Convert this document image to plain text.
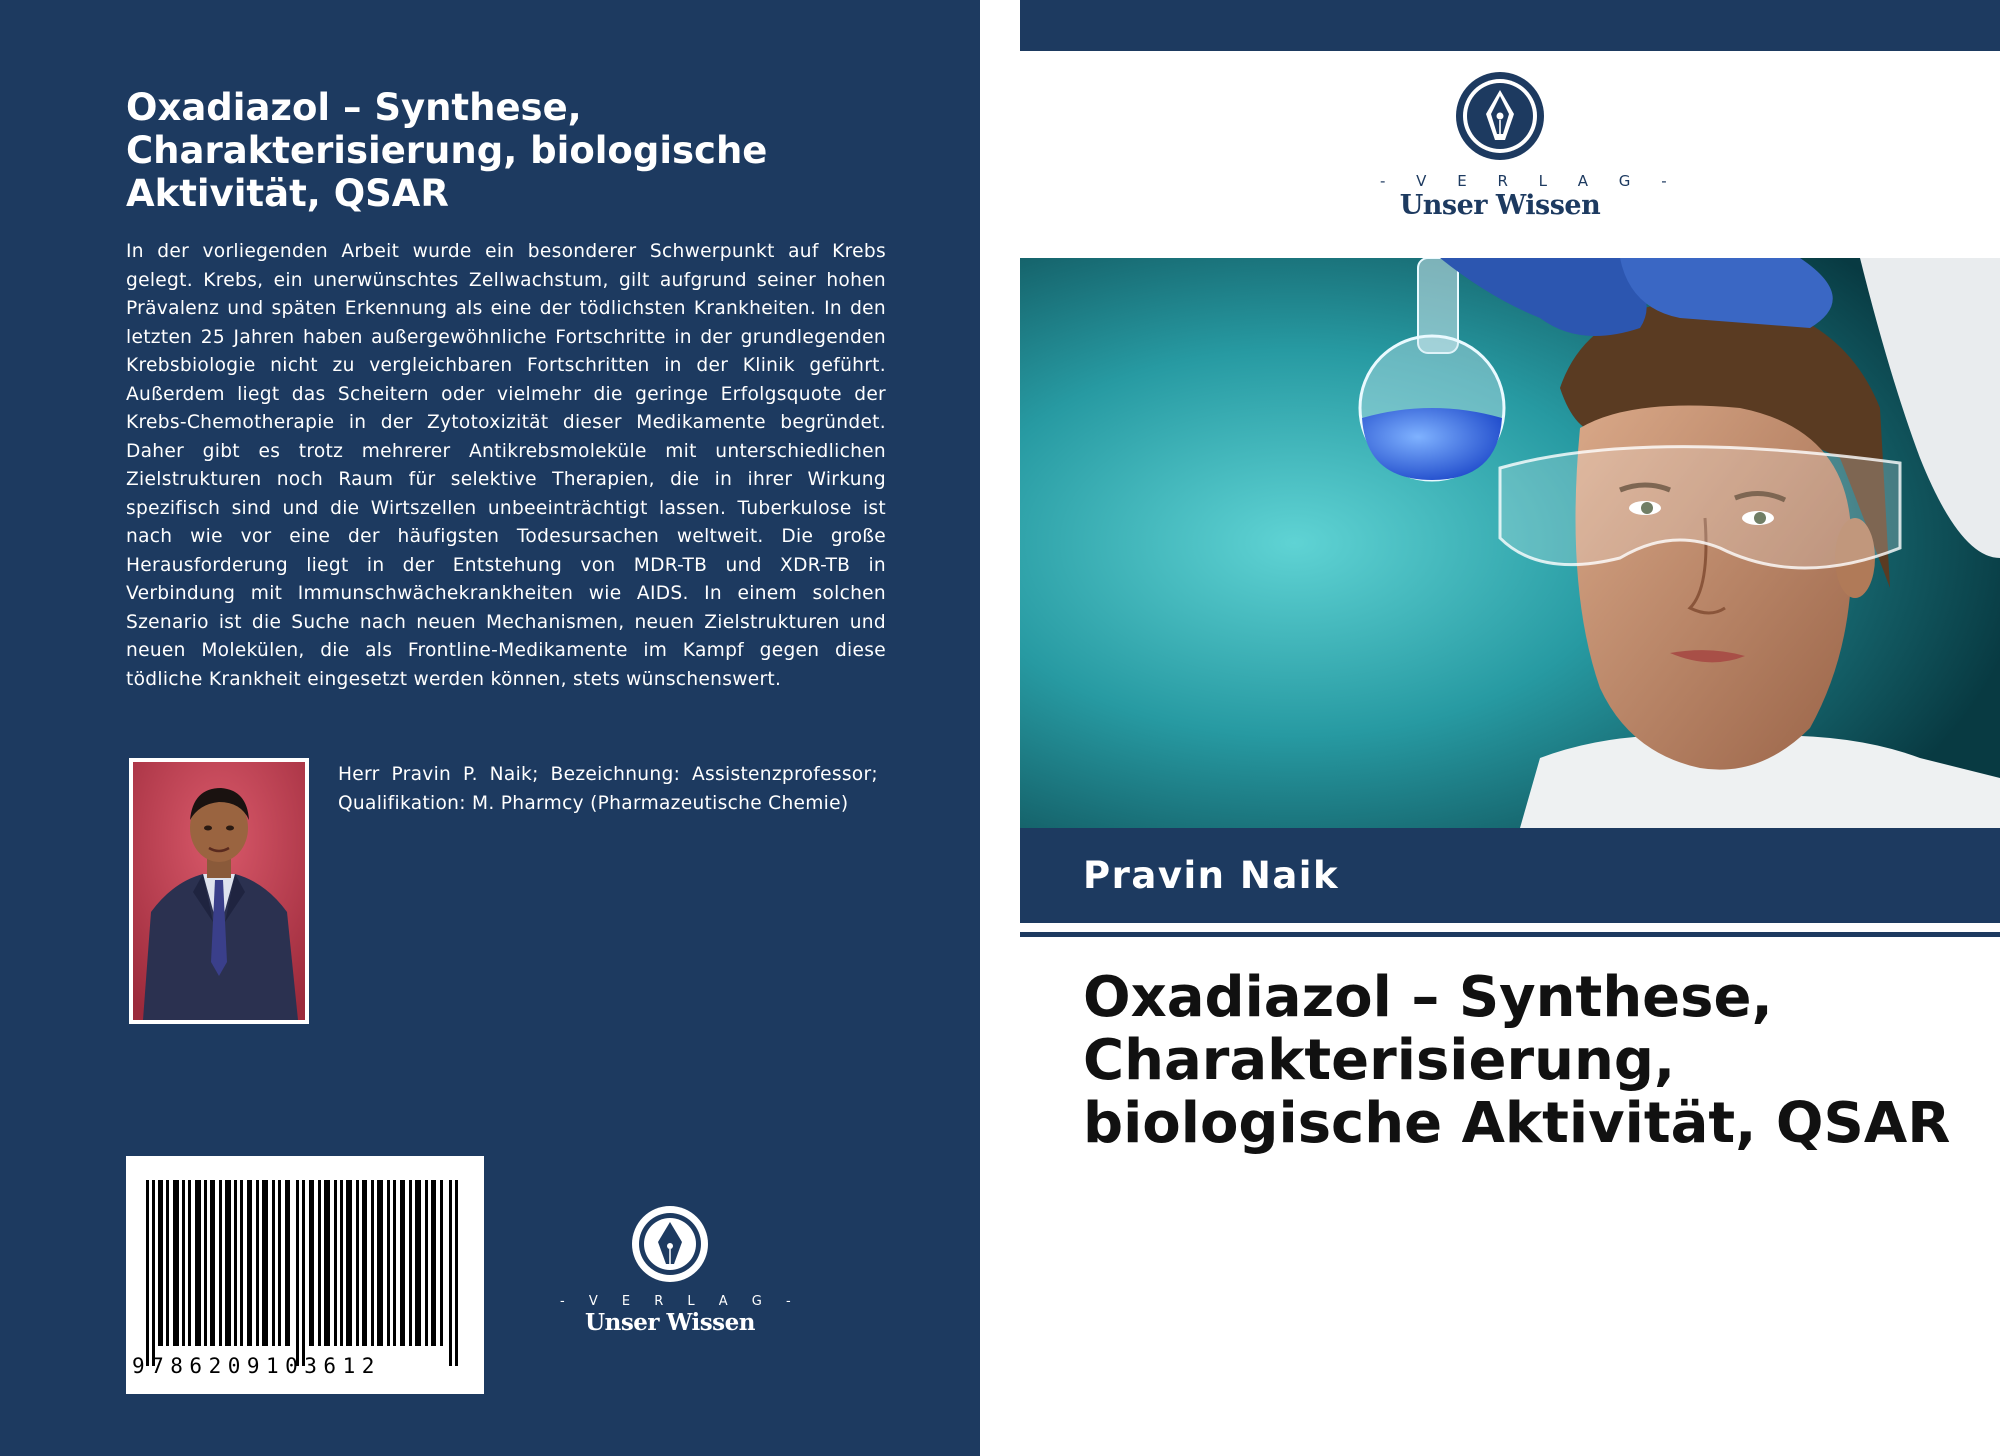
Oxadiazol – Synthese, Charakterisierung, biologische Aktivität, QSAR

In der vorliegenden Arbeit wurde ein besonderer Schwerpunkt auf Krebs gelegt. Krebs, ein unerwünschtes Zellwachstum, gilt aufgrund seiner hohen Prävalenz und späten Erkennung als eine der tödlichsten Krankheiten. In den letzten 25 Jahren haben außergewöhnliche Fortschritte in der grundlegenden Krebsbiologie nicht zu vergleichbaren Fortschritten in der Klinik geführt. Außerdem liegt das Scheitern oder vielmehr die geringe Erfolgsquote der Krebs-Chemotherapie in der Zytotoxizität dieser Medikamente begründet. Daher gibt es trotz mehrerer Antikrebsmoleküle mit unterschiedlichen Zielstrukturen noch Raum für selektive Therapien, die in ihrer Wirkung spezifisch sind und die Wirtszellen unbeeinträchtigt lassen. Tuberkulose ist nach wie vor eine der häufigsten Todesursachen weltweit. Die große Herausforderung liegt in der Entstehung von MDR-TB und XDR-TB in Verbindung mit Immunschwächekrankheiten wie AIDS. In einem solchen Szenario ist die Suche nach neuen Mechanismen, neuen Zielstrukturen und neuen Molekülen, die als Frontline-Medikamente im Kampf gegen diese tödliche Krankheit eingesetzt werden können, stets wünschenswert.

Herr Pravin P. Naik; Bezeichnung: Assistenzprofessor; Qualifikation: M. Pharmcy (Pharmazeutische Chemie)

9786209103612
- V E R L A G -
Unser Wissen
- V E R L A G -
Unser Wissen
Pravin Naik
Oxadiazol – Synthese, Charakterisierung, biologische Aktivität, QSAR
